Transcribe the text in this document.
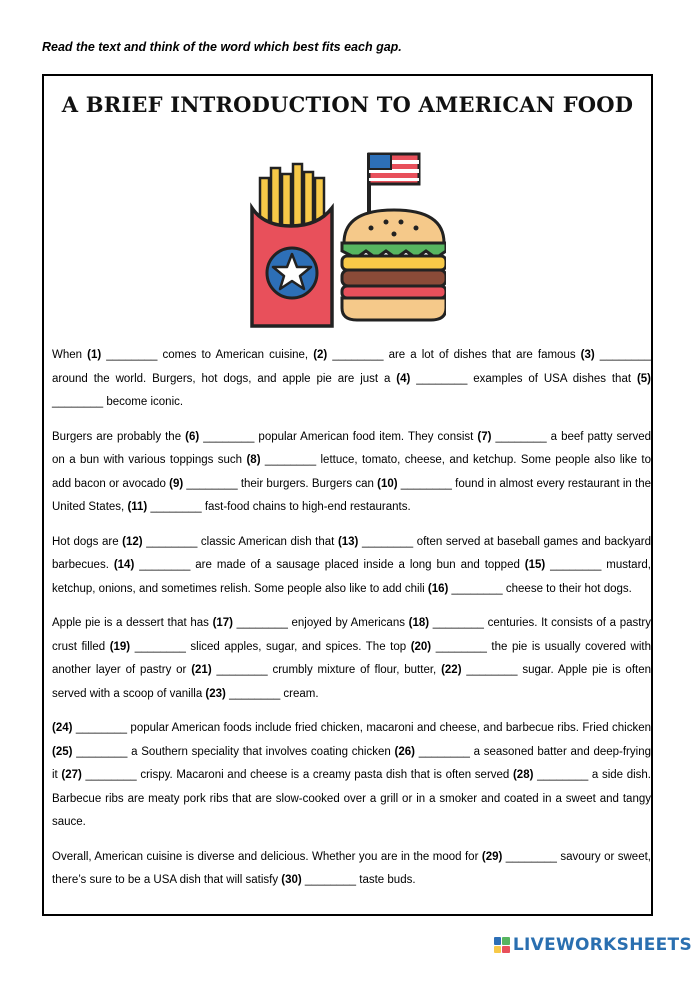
Read the text and think of the word which best fits each gap.
A BRIEF INTRODUCTION TO AMERICAN FOOD

When (1) ________ comes to American cuisine, (2) ________ are a lot of dishes that are famous (3) ________ around the world. Burgers, hot dogs, and apple pie are just a (4) ________ examples of USA dishes that (5) ________ become iconic.

Burgers are probably the (6) ________ popular American food item. They consist (7) ________ a beef patty served on a bun with various toppings such (8) ________ lettuce, tomato, cheese, and ketchup. Some people also like to add bacon or avocado (9) ________ their burgers. Burgers can (10) ________ found in almost every restaurant in the United States, (11) ________ fast-food chains to high-end restaurants.

Hot dogs are (12) ________ classic American dish that (13) ________ often served at baseball games and backyard barbecues. (14) ________ are made of a sausage placed inside a long bun and topped (15) ________ mustard, ketchup, onions, and sometimes relish. Some people also like to add chili (16) ________ cheese to their hot dogs.

Apple pie is a dessert that has (17) ________ enjoyed by Americans (18) ________ centuries. It consists of a pastry crust filled (19) ________ sliced apples, sugar, and spices. The top (20) ________ the pie is usually covered with another layer of pastry or (21) ________ crumbly mixture of flour, butter, (22) ________ sugar. Apple pie is often served with a scoop of vanilla (23) ________ cream.

(24) ________ popular American foods include fried chicken, macaroni and cheese, and barbecue ribs. Fried chicken (25) ________ a Southern speciality that involves coating chicken (26) ________ a seasoned batter and deep-frying it (27) ________ crispy. Macaroni and cheese is a creamy pasta dish that is often served (28) ________ a side dish. Barbecue ribs are meaty pork ribs that are slow-cooked over a grill or in a smoker and coated in a sweet and tangy sauce.

Overall, American cuisine is diverse and delicious. Whether you are in the mood for (29) ________ savoury or sweet, there’s sure to be a USA dish that will satisfy (30) ________ taste buds.

LIVEWORKSHEETS
